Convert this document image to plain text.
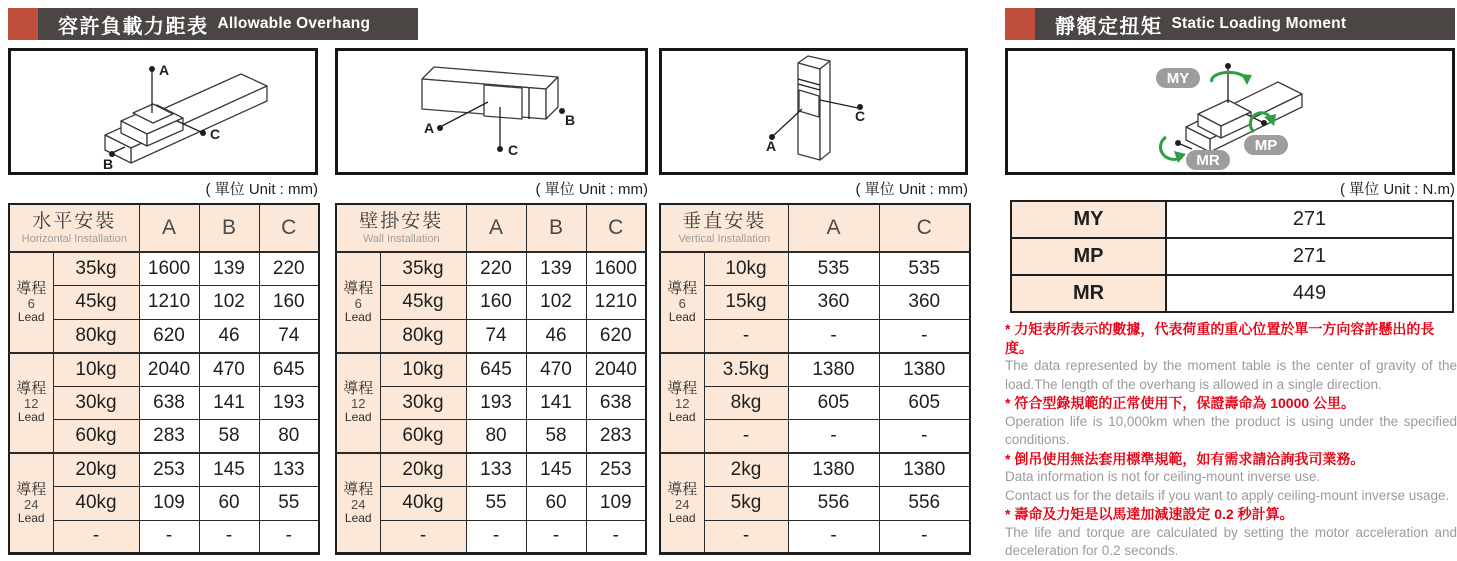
容許負載力距表 Allowable Overhang
A
B
C
( 單位 Unit : mm)
水平安裝
Horizontal Installation		A	B	C

導程
6
Lead	35kg	1600	139	220
	45kg	1210	102	160
	80kg	620	46	74

導程
12
Lead	10kg	2040	470	645
	30kg	638	141	193
	60kg	283	58	80

導程
24
Lead	20kg	253	145	133
	40kg	109	60	55
	-	-	-	-
A	B
C
( 單位 Unit : mm)
壁掛安裝
Wall Installation		A	B	C

導程
6
Lead	35kg	220	139	1600
	45kg	160	102	1210
	80kg	74	46	620

導程
12
Lead	10kg	645	470	2040
	30kg	193	141	638
	60kg	80	58	283

導程
24
Lead	20kg	133	145	253
	40kg	55	60	109
	-	-	-	-
A
C
( 單位 Unit : mm)
垂直安裝
Vertical Installation		A	C

導程
6
Lead	10kg	535	535
	15kg	360	360
	-	-	-

導程
12
Lead	3.5kg	1380	1380
	8kg	605	605
	-	-	-

導程
24
Lead	2kg	1380	1380
	5kg	556	556
	-	-	-
靜額定扭矩 Static Loading Moment
MY
MP
MR
( 單位 Unit : N.m)
MY	271
MP	271
MR	449
* 力矩表所表示的數據，代表荷重的重心位置於單一方向容許懸出的長度。
The data represented by the moment table is the center of gravity of the load.The length of the overhang is allowed in a single direction.
* 符合型錄規範的正常使用下，保證壽命為 10000 公里。
Operation life is 10,000km when the product is using under the specified conditions.
* 倒吊使用無法套用標準規範，如有需求請洽詢我司業務。
Data information is not for ceiling-mount inverse use.
Contact us for the details if you want to apply ceiling-mount inverse usage.
* 壽命及力矩是以馬達加減速設定 0.2 秒計算。
The life and torque are calculated by setting the motor acceleration and deceleration for 0.2 seconds.
